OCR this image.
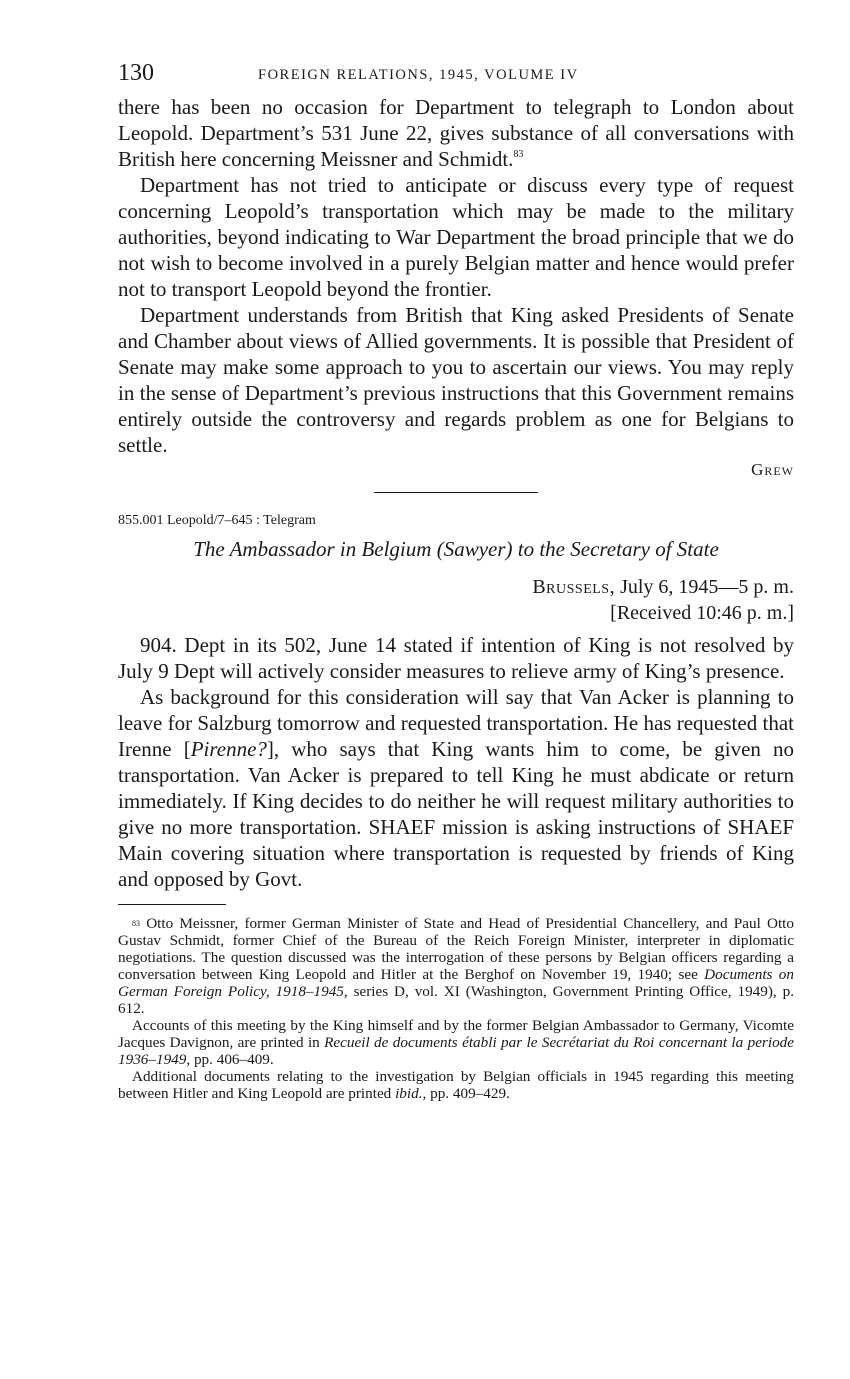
130	FOREIGN RELATIONS, 1945, VOLUME IV

there has been no occasion for Department to telegraph to London about Leopold. Department’s 531 June 22, gives substance of all conversations with British here concerning Meissner and Schmidt.$^{83}$

Department has not tried to anticipate or discuss every type of request concerning Leopold’s transportation which may be made to the military authorities, beyond indicating to War Department the broad principle that we do not wish to become involved in a purely Belgian matter and hence would prefer not to transport Leopold beyond the frontier.

Department understands from British that King asked Presidents of Senate and Chamber about views of Allied governments. It is possible that President of Senate may make some approach to you to ascertain our views. You may reply in the sense of Department’s previous instructions that this Government remains entirely outside the controversy and regards problem as one for Belgians to settle.

Grew
855.001 Leopold/7–645 : Telegram
The Ambassador in Belgium (Sawyer) to the Secretary of State
Brussels, July 6, 1945—5 p. m.
[Received 10:46 p. m.]

904. Dept in its 502, June 14 stated if intention of King is not resolved by July 9 Dept will actively consider measures to relieve army of King’s presence.

As background for this consideration will say that Van Acker is planning to leave for Salzburg tomorrow and requested transportation. He has requested that Irenne [Pirenne?], who says that King wants him to come, be given no transportation. Van Acker is prepared to tell King he must abdicate or return immediately. If King decides to do neither he will request military authorities to give no more transportation. SHAEF mission is asking instructions of SHAEF Main covering situation where transportation is requested by friends of King and opposed by Govt.

$^{83}$ Otto Meissner, former German Minister of State and Head of Presidential Chancellery, and Paul Otto Gustav Schmidt, former Chief of the Bureau of the Reich Foreign Minister, interpreter in diplomatic negotiations. The question discussed was the interrogation of these persons by Belgian officers regarding a conversation between King Leopold and Hitler at the Berghof on November 19, 1940; see Documents on German Foreign Policy, 1918–1945, series D, vol. XI (Washington, Government Printing Office, 1949), p. 612.

Accounts of this meeting by the King himself and by the former Belgian Ambassador to Germany, Vicomte Jacques Davignon, are printed in Recueil de documents établi par le Secrétariat du Roi concernant la periode 1936–1949, pp. 406–409.

Additional documents relating to the investigation by Belgian officials in 1945 regarding this meeting between Hitler and King Leopold are printed ibid., pp. 409–429.
